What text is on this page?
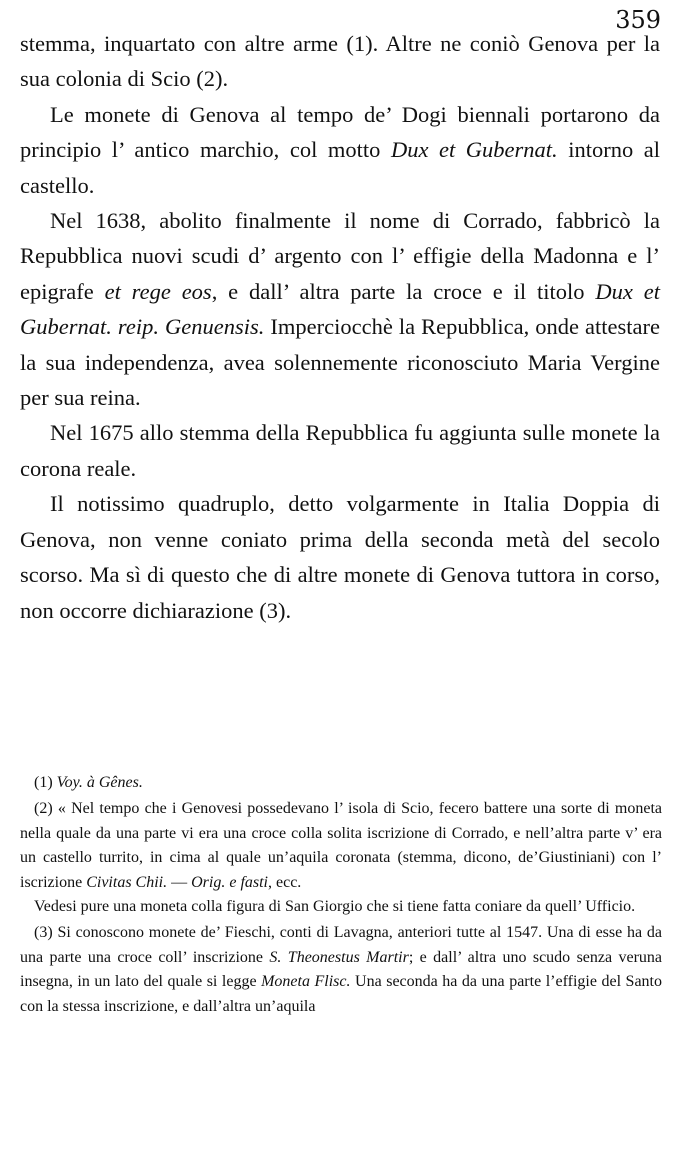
359

stemma, inquartato con altre arme (1). Altre ne coniò Genova per la sua colonia di Scio (2).

Le monete di Genova al tempo de’ Dogi biennali portarono da principio l’ antico marchio, col motto Dux et Gubernat. intorno al castello.

Nel 1638, abolito finalmente il nome di Corrado, fabbricò la Repubblica nuovi scudi d’ argento con l’ effigie della Madonna e l’ epigrafe et rege eos, e dall’ altra parte la croce e il titolo Dux et Gubernat. reip. Genuensis. Imperciocchè la Repubblica, onde attestare la sua independenza, avea solennemente riconosciuto Maria Vergine per sua reina.

Nel 1675 allo stemma della Repubblica fu aggiunta sulle monete la corona reale.

Il notissimo quadruplo, detto volgarmente in Italia Doppia di Genova, non venne coniato prima della seconda metà del secolo scorso. Ma sì di questo che di altre monete di Genova tuttora in corso, non occorre dichiarazione (3).

(1) Voy. à Gênes.

(2) « Nel tempo che i Genovesi possedevano l’ isola di Scio, fecero battere una sorte di moneta nella quale da una parte vi era una croce colla solita iscrizione di Corrado, e nell’altra parte v’ era un castello turrito, in cima al quale un’aquila coronata (stemma, dicono, de’Giustiniani) con l’ iscrizione Civitas Chii. — Orig. e fasti, ecc.

Vedesi pure una moneta colla figura di San Giorgio che si tiene fatta coniare da quell’ Ufficio.

(3) Si conoscono monete de’ Fieschi, conti di Lavagna, anteriori tutte al 1547. Una di esse ha da una parte una croce coll’ inscrizione S. Theonestus Martir; e dall’ altra uno scudo senza veruna insegna, in un lato del quale si legge Moneta Flisc. Una seconda ha da una parte l’effigie del Santo con la stessa inscrizione, e dall’altra un’aquila
